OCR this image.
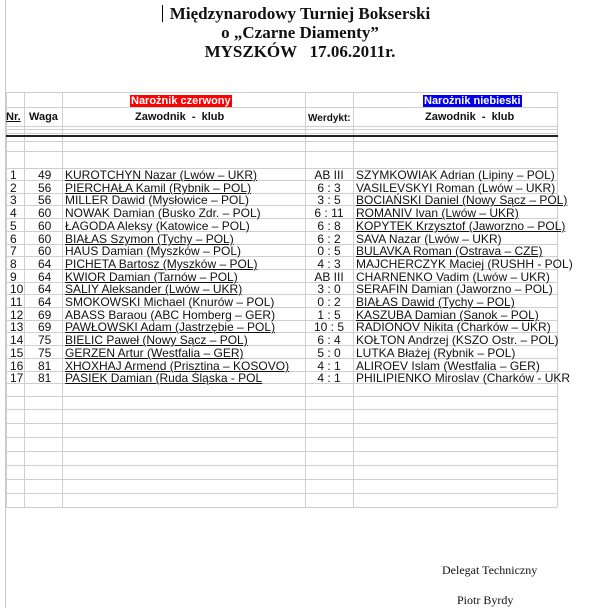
Międzynarodowy Turniej Bokserski
o „Czarne Diamenty”
MYSZKÓW 17.06.2011r.
Narożnik czerwony	Narożnik niebieski
Nr. Waga	Zawodnik  -  klub	Werdykt:	Zawodnik  -  klub
1 49 KUROTCHYN Nazar (Lwów – UKR)	AB III	SZYMKOWIAK Adrian (Lipiny – POL)
2 56 PIERCHAŁA Kamil (Rybnik – POL)	6 : 3	VASILEVSKYI Roman (Lwów – UKR)
3 56 MILLER Dawid (Mysłowice – POL)	3 : 5	BOCIAŃSKI Daniel (Nowy Sącz – POL)
4 60 NOWAK Damian (Busko Zdr. – POL)	6 : 11	ROMANIV Ivan (Lwów – UKR)
5 60 ŁAGODA Aleksy (Katowice – POL)	6 : 8	KOPYTEK Krzysztof (Jaworzno – POL)
6 60 BIAŁAS Szymon (Tychy – POL)	6 : 2	SAVA Nazar (Lwów – UKR)
7 60 HAUS Damian (Myszków – POL)	0 : 5	BULAVKA Roman (Ostrava – CZE)
8 64 PICHETA Bartosz (Myszków – POL)	4 : 3	MAJCHERCZYK Maciej (RUSHH - POL)
9 64 KWIOR Damian (Tarnów – POL)	AB III	CHARNENKO Vadim (Lwów – UKR)
10 64 SALIY Aleksander (Lwów – UKR)	3 : 0	SERAFIN Damian (Jaworzno – POL)
11 64 SMOKOWSKI Michael (Knurów – POL)	0 : 2	BIAŁAS Dawid (Tychy – POL)
12 69 ABASS Baraou (ABC Homberg – GER)	1 : 5	KASZUBA Damian (Sanok – POL)
13 69 PAWŁOWSKI Adam (Jastrzębie – POL)	10 : 5 RADIONOV Nikita (Charków – UKR)
14 75 BIELIC Paweł (Nowy Sącz – POL)	6 : 4	KOŁTON Andrzej (KSZO Ostr. – POL)
15 75 GERZEN Artur (Westfalia – GER)	5 : 0	LUTKA Błażej (Rybnik – POL)
16 81 XHOXHAJ Armend (Prisztina – KOSOVO)	4 : 1	ALIROEV Islam (Westfalia – GER)
17 81 PASIEK Damian (Ruda Śląska - POL	4 : 1	PHILIPIENKO Miroslav (Charków - UKR
Delegat Techniczny
Piotr Byrdy
